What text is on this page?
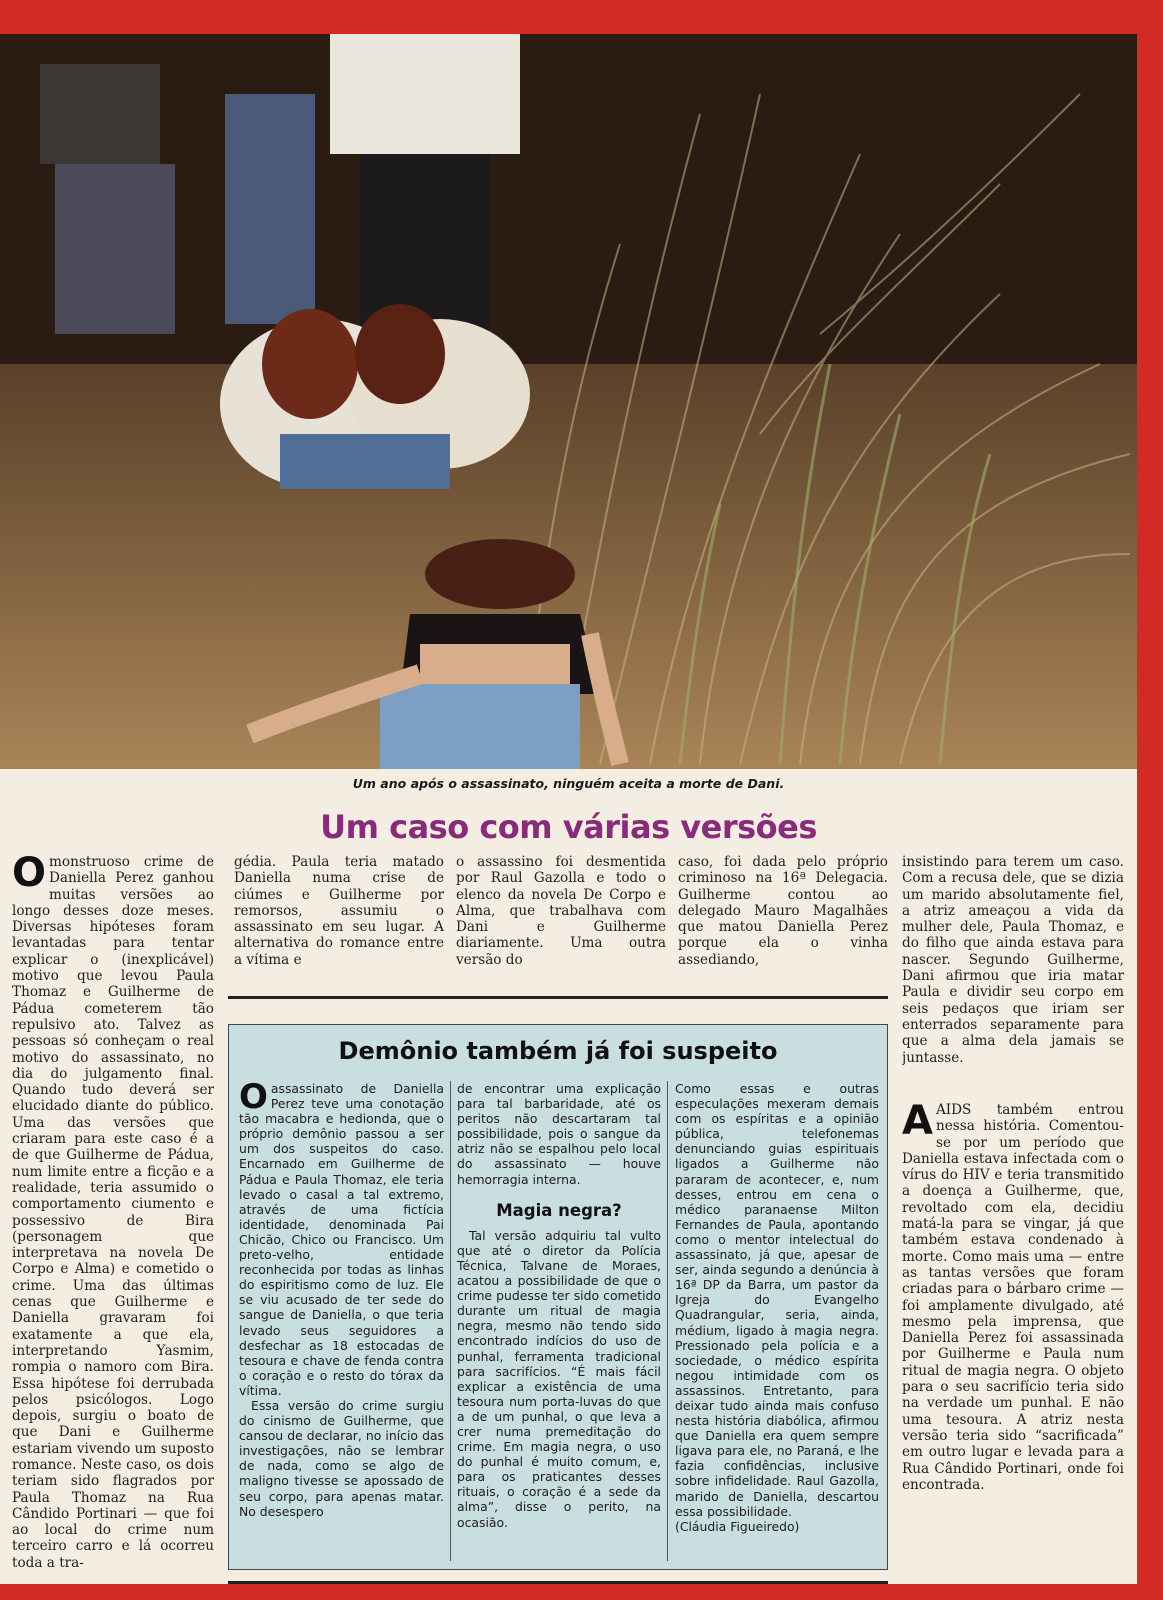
Um ano após o assassinato, ninguém aceita a morte de Dani.
Um caso com várias versões

Omonstruoso crime de Daniella Perez ganhou muitas versões ao longo desses doze meses. Diversas hipóteses foram levantadas para tentar explicar o (inexplicável) motivo que levou Paula Thomaz e Guilherme de Pádua cometerem tão repulsivo ato. Talvez as pessoas só conheçam o real motivo do assassinato, no dia do julgamento final. Quando tudo deverá ser elucidado diante do público. Uma das versões que criaram para este caso é a de que Guilherme de Pádua, num limite entre a ficção e a realidade, teria assumido o comportamento ciumento e possessivo de Bira (personagem que interpretava na novela De Corpo e Alma) e cometido o crime. Uma das últimas cenas que Guilherme e Daniella gravaram foi exatamente a que ela, interpretando Yasmim, rompia o namoro com Bira. Essa hipótese foi derrubada pelos psicólogos. Logo depois, surgiu o boato de que Dani e Guilherme estariam vivendo um suposto romance. Neste caso, os dois teriam sido flagrados por Paula Thomaz na Rua Cândido Portinari — que foi ao local do crime num terceiro carro e lá ocorreu toda a tra-

gédia. Paula teria matado Daniella numa crise de ciúmes e Guilherme por remorsos, assumiu o assassinato em seu lugar. A alternativa do romance entre a vítima e

o assassino foi desmentida por Raul Gazolla e todo o elenco da novela De Corpo e Alma, que trabalhava com Dani e Guilherme diariamente. Uma outra versão do

caso, foi dada pelo próprio criminoso na 16ª Delegacia. Guilherme contou ao delegado Mauro Magalhães que matou Daniella Perez porque ela o vinha assediando,

insistindo para terem um caso. Com a recusa dele, que se dizia um marido absolutamente fiel, a atriz ameaçou a vida da mulher dele, Paula Thomaz, e do filho que ainda estava para nascer. Segundo Guilherme, Dani afirmou que iria matar Paula e dividir seu corpo em seis pedaços que iriam ser enterrados separamente para que a alma dela jamais se juntasse.

AAIDS também entrou nessa história. Comentou-se por um período que Daniella estava infectada com o vírus do HIV e teria transmitido a doença a Guilherme, que, revoltado com ela, decidiu matá-la para se vingar, já que também estava condenado à morte. Como mais uma — entre as tantas versões que foram criadas para o bárbaro crime — foi amplamente divulgado, até mesmo pela imprensa, que Daniella Perez foi assassinada por Guilherme e Paula num ritual de magia negra. O objeto para o seu sacrifício teria sido na verdade um punhal. E não uma tesoura. A atriz nesta versão teria sido “sacrificada” em outro lugar e levada para a Rua Cândido Portinari, onde foi encontrada.

Demônio também já foi suspeito

Oassassinato de Daniella Perez teve uma conotação tão macabra e hedionda, que o próprio demônio passou a ser um dos suspeitos do caso. Encarnado em Guilherme de Pádua e Paula Thomaz, ele teria levado o casal a tal extremo, através de uma fictícia identidade, denominada Pai Chicão, Chico ou Francisco. Um preto-velho, entidade reconhecida por todas as linhas do espiritismo como de luz. Ele se viu acusado de ter sede do sangue de Daniella, o que teria levado seus seguidores a desfechar as 18 estocadas de tesoura e chave de fenda contra o coração e o resto do tórax da vítima.

Essa versão do crime surgiu do cinismo de Guilherme, que cansou de declarar, no início das investigações, não se lembrar de nada, como se algo de maligno tivesse se apossado de seu corpo, para apenas matar. No desespero

de encontrar uma explicação para tal barbaridade, até os peritos não descartaram tal possibilidade, pois o sangue da atriz não se espalhou pelo local do assassinato — houve hemorragia interna.

Magia negra?

Tal versão adquiriu tal vulto que até o diretor da Polícia Técnica, Talvane de Moraes, acatou a possibilidade de que o crime pudesse ter sido cometido durante um ritual de magia negra, mesmo não tendo sido encontrado indícios do uso de punhal, ferramenta tradicional para sacrifícios. “É mais fácil explicar a existência de uma tesoura num porta-luvas do que a de um punhal, o que leva a crer numa premeditação do crime. Em magia negra, o uso do punhal é muito comum, e, para os praticantes desses rituais, o coração é a sede da alma”, disse o perito, na ocasião.

Como essas e outras especulações mexeram demais com os espíritas e a opinião pública, telefonemas denunciando guias espirituais ligados a Guilherme não pararam de acontecer, e, num desses, entrou em cena o médico paranaense Milton Fernandes de Paula, apontando como o mentor intelectual do assassinato, já que, apesar de ser, ainda segundo a denúncia à 16ª DP da Barra, um pastor da Igreja do Evangelho Quadrangular, seria, ainda, médium, ligado à magia negra. Pressionado pela polícia e a sociedade, o médico espírita negou intimidade com os assassinos. Entretanto, para deixar tudo ainda mais confuso nesta história diabólica, afirmou que Daniella era quem sempre ligava para ele, no Paraná, e lhe fazia confidências, inclusive sobre infidelidade. Raul Gazolla, marido de Daniella, descartou essa possibilidade.

(Cláudia Figueiredo)
